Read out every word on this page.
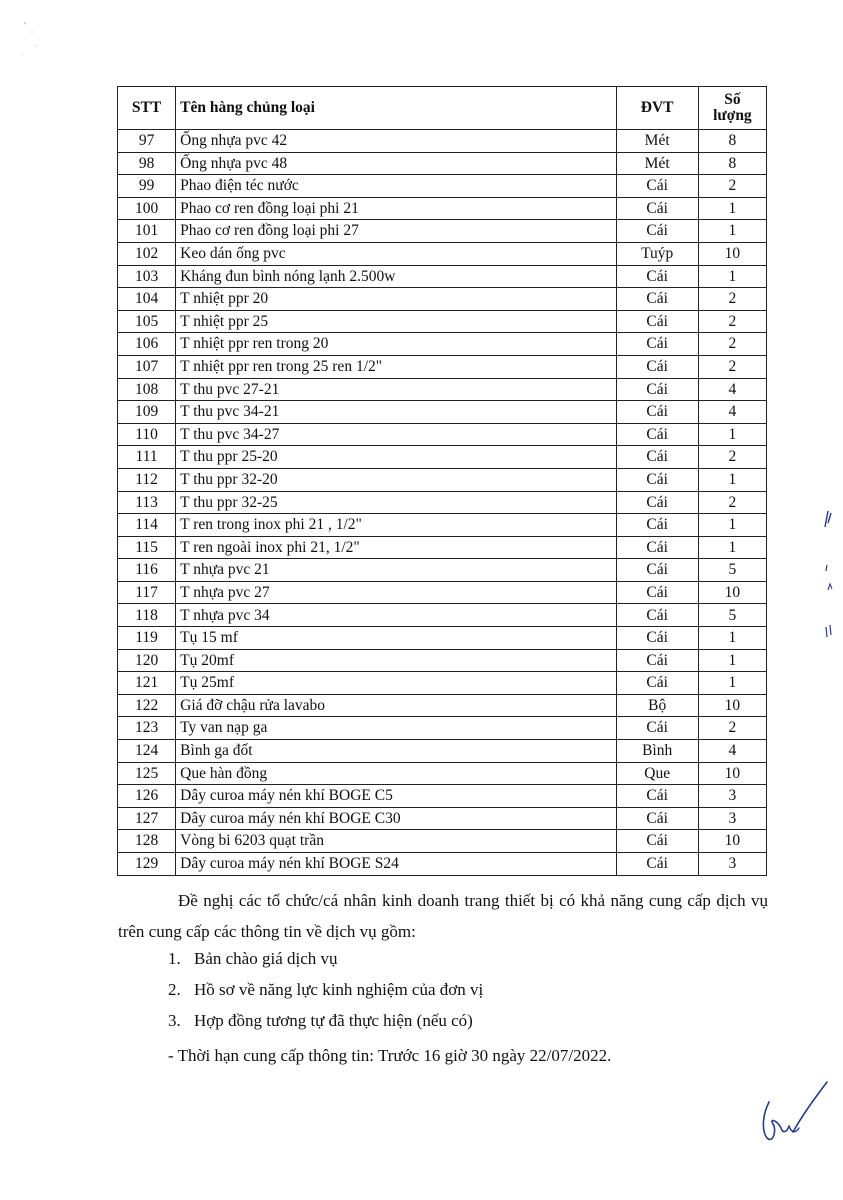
STT	Tên hàng chủng loại	ĐVT	Số
lượng

97	Ống nhựa pvc 42	Mét	8
98	Ống nhựa pvc 48	Mét	8
99	Phao điện téc nước	Cái	2
100	Phao cơ ren đồng loại phi 21	Cái	1
101	Phao cơ ren đồng loại phi 27	Cái	1
102	Keo dán ống pvc	Tuýp	10
103	Kháng đun bình nóng lạnh 2.500w	Cái	1
104	T nhiệt ppr 20	Cái	2
105	T nhiệt ppr 25	Cái	2
106	T nhiệt ppr ren trong 20	Cái	2
107	T nhiệt ppr ren trong 25 ren 1/2"	Cái	2
108	T thu pvc 27-21	Cái	4
109	T thu pvc 34-21	Cái	4
110	T thu pvc 34-27	Cái	1
111	T thu ppr 25-20	Cái	2
112	T thu ppr 32-20	Cái	1
113	T thu ppr 32-25	Cái	2
114	T ren trong inox phi 21 , 1/2"	Cái	1
115	T ren ngoài inox phi 21, 1/2"	Cái	1
116	T nhựa pvc 21	Cái	5
117	T nhựa pvc 27	Cái	10
118	T nhựa pvc 34	Cái	5
119	Tụ 15 mf	Cái	1
120	Tụ 20mf	Cái	1
121	Tụ 25mf	Cái	1
122	Giá đỡ chậu rửa lavabo	Bộ	10
123	Ty van nạp ga	Cái	2
124	Bình ga đốt	Bình	4
125	Que hàn đồng	Que	10
126	Dây curoa máy nén khí BOGE C5	Cái	3
127	Dây curoa máy nén khí BOGE C30	Cái	3
128	Vòng bi 6203 quạt trần	Cái	10
129	Dây curoa máy nén khí BOGE S24	Cái	3
Đề nghị các tổ chức/cá nhân kinh doanh trang thiết bị có khả năng cung cấp dịch vụ trên cung cấp các thông tin về dịch vụ gồm:
1. Bản chào giá dịch vụ
2. Hồ sơ về năng lực kinh nghiệm của đơn vị
3. Hợp đồng tương tự đã thực hiện (nếu có)
- Thời hạn cung cấp thông tin: Trước 16 giờ 30 ngày 22/07/2022.
